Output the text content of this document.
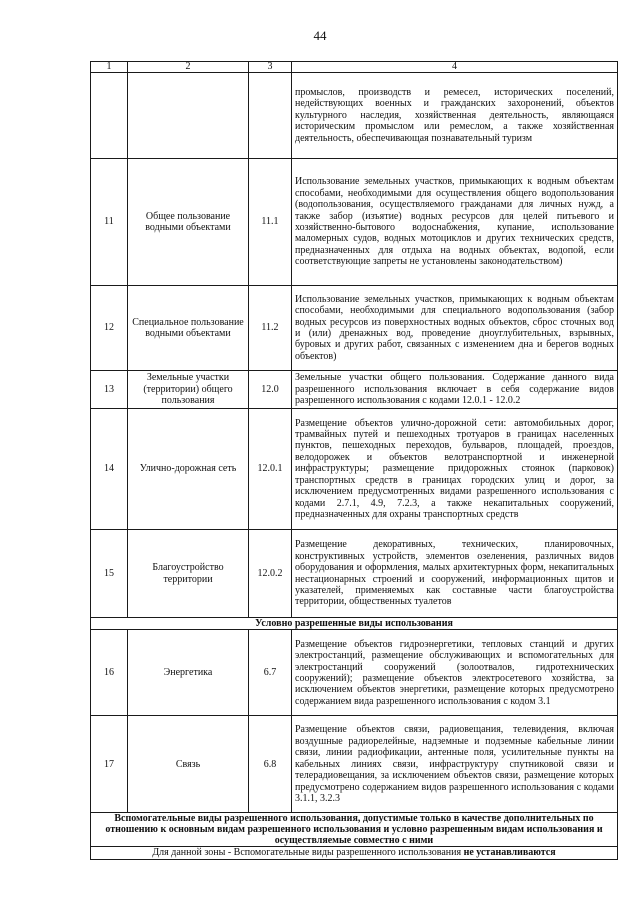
44
1	2	3	4
			промыслов, производств и ремесел, исторических поселений, недействующих военных и гражданских захоронений, объектов культурного наследия, хозяйственная деятельность, являющаяся историческим промыслом или ремеслом, а также хозяйственная деятельность, обеспечивающая познавательный туризм
11	Общее пользование водными объектами	11.1	Использование земельных участков, примыкающих к водным объектам способами, необходимыми для осуществления общего водопользования (водопользования, осуществляемого гражданами для личных нужд, а также забор (изъятие) водных ресурсов для целей питьевого и хозяйственно-бытового водоснабжения, купание, использование маломерных судов, водных мотоциклов и других технических средств, предназначенных для отдыха на водных объектах, водопой, если соответствующие запреты не установлены законодательством)
12	Специальное пользование водными объектами	11.2	Использование земельных участков, примыкающих к водным объектам способами, необходимыми для специального водопользования (забор водных ресурсов из поверхностных водных объектов, сброс сточных вод и (или) дренажных вод, проведение дноуглубительных, взрывных, буровых и других работ, связанных с изменением дна и берегов водных объектов)
13	Земельные участки (территории) общего пользования	12.0	Земельные участки общего пользования. Содержание данного вида разрешенного использования включает в себя содержание видов разрешенного использования с кодами 12.0.1 - 12.0.2
14	Улично-дорожная сеть	12.0.1	Размещение объектов улично-дорожной сети: автомобильных дорог, трамвайных путей и пешеходных тротуаров в границах населенных пунктов, пешеходных переходов, бульваров, площадей, проездов, велодорожек и объектов велотранспортной и инженерной инфраструктуры; размещение придорожных стоянок (парковок) транспортных средств в границах городских улиц и дорог, за исключением предусмотренных видами разрешенного использования с кодами 2.7.1, 4.9, 7.2.3, а также некапитальных сооружений, предназначенных для охраны транспортных средств
15	Благоустройство территории	12.0.2	Размещение декоративных, технических, планировочных, конструктивных устройств, элементов озеленения, различных видов оборудования и оформления, малых архитектурных форм, некапитальных нестационарных строений и сооружений, информационных щитов и указателей, применяемых как составные части благоустройства территории, общественных туалетов
Условно разрешенные виды использования			
16	Энергетика	6.7	Размещение объектов гидроэнергетики, тепловых станций и других электростанций, размещение обслуживающих и вспомогательных для электростанций сооружений (золоотвалов, гидротехнических сооружений); размещение объектов электросетевого хозяйства, за исключением объектов энергетики, размещение которых предусмотрено содержанием вида разрешенного использования с кодом 3.1
17	Связь	6.8	Размещение объектов связи, радиовещания, телевидения, включая воздушные радиорелейные, надземные и подземные кабельные линии связи, линии радиофикации, антенные поля, усилительные пункты на кабельных линиях связи, инфраструктуру спутниковой связи и телерадиовещания, за исключением объектов связи, размещение которых предусмотрено содержанием видов разрешенного использования с кодами 3.1.1, 3.2.3
Вспомогательные виды разрешенного использования, допустимые только в качестве дополнительных по отношению к основным видам разрешенного использования и условно разрешенным видам использования и осуществляемые совместно с ними			
Для данной зоны - Вспомогательные виды разрешенного использования не устанавливаются			
